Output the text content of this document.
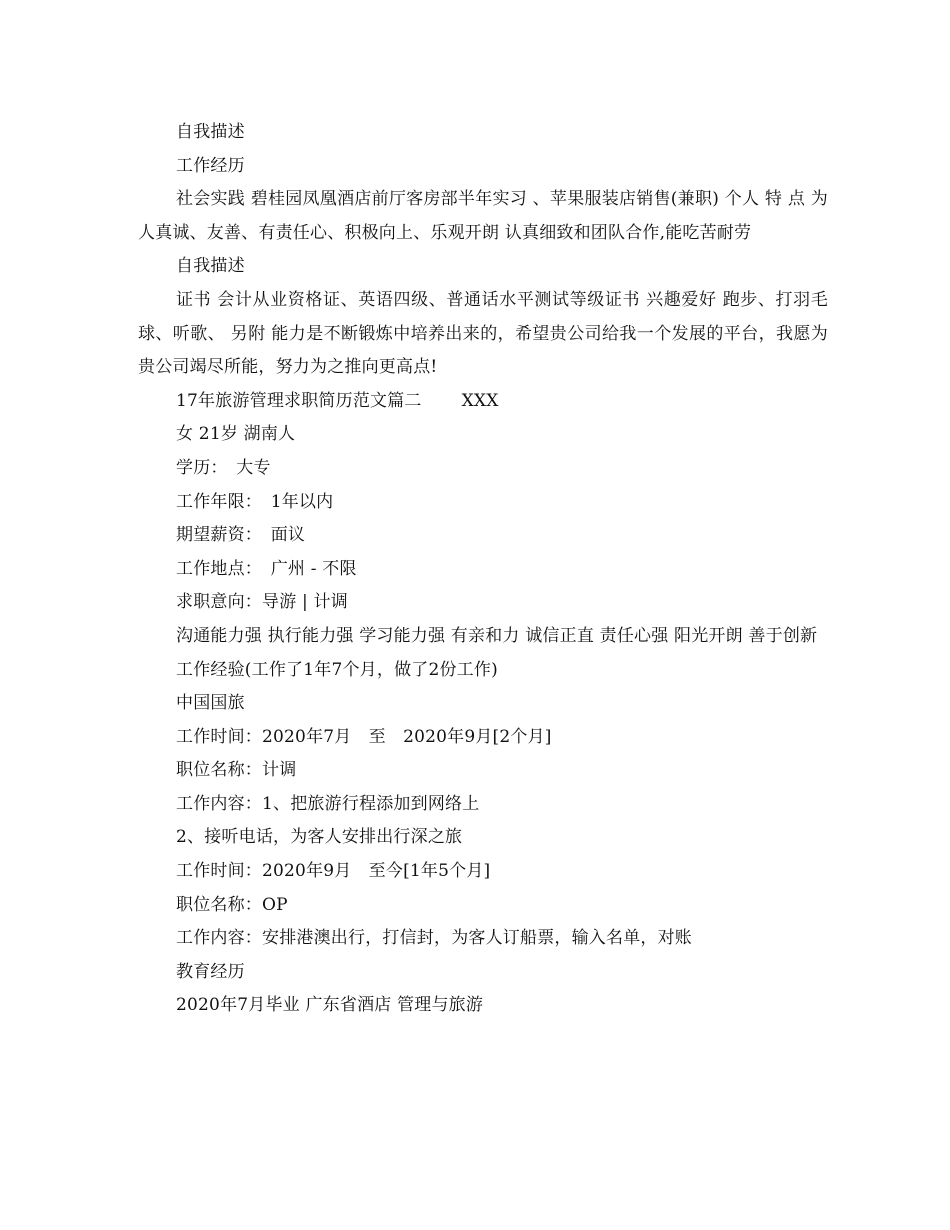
自我描述

工作经历

社会实践 碧桂园凤凰酒店前厅客房部半年实习 、苹果服装店销售(兼职) 个人 特 点 为人真诚、友善、有责任心、积极向上、乐观开朗 认真细致和团队合作,能吃苦耐劳

自我描述

证书 会计从业资格证、英语四级、普通话水平测试等级证书 兴趣爱好 跑步、打羽毛球、听歌、 另附 能力是不断锻炼中培养出来的，希望贵公司给我一个发展的平台，我愿为贵公司竭尽所能，努力为之推向更高点!

17年旅游管理求职简历范文篇二　　 XXX

女 21岁 湖南人

学历：　大专

工作年限：　1年以内

期望薪资：　面议

工作地点：　广州 - 不限

求职意向：导游 | 计调

沟通能力强 执行能力强 学习能力强 有亲和力 诚信正直 责任心强 阳光开朗 善于创新

工作经验(工作了1年7个月，做了2份工作)

中国国旅

工作时间：2020年7月　至　2020年9月[2个月]

职位名称：计调

工作内容：1、把旅游行程添加到网络上

2、接听电话，为客人安排出行深之旅

工作时间：2020年9月　至今[1年5个月]

职位名称：OP

工作内容：安排港澳出行，打信封，为客人订船票，输入名单，对账

教育经历

2020年7月毕业 广东省酒店 管理与旅游
